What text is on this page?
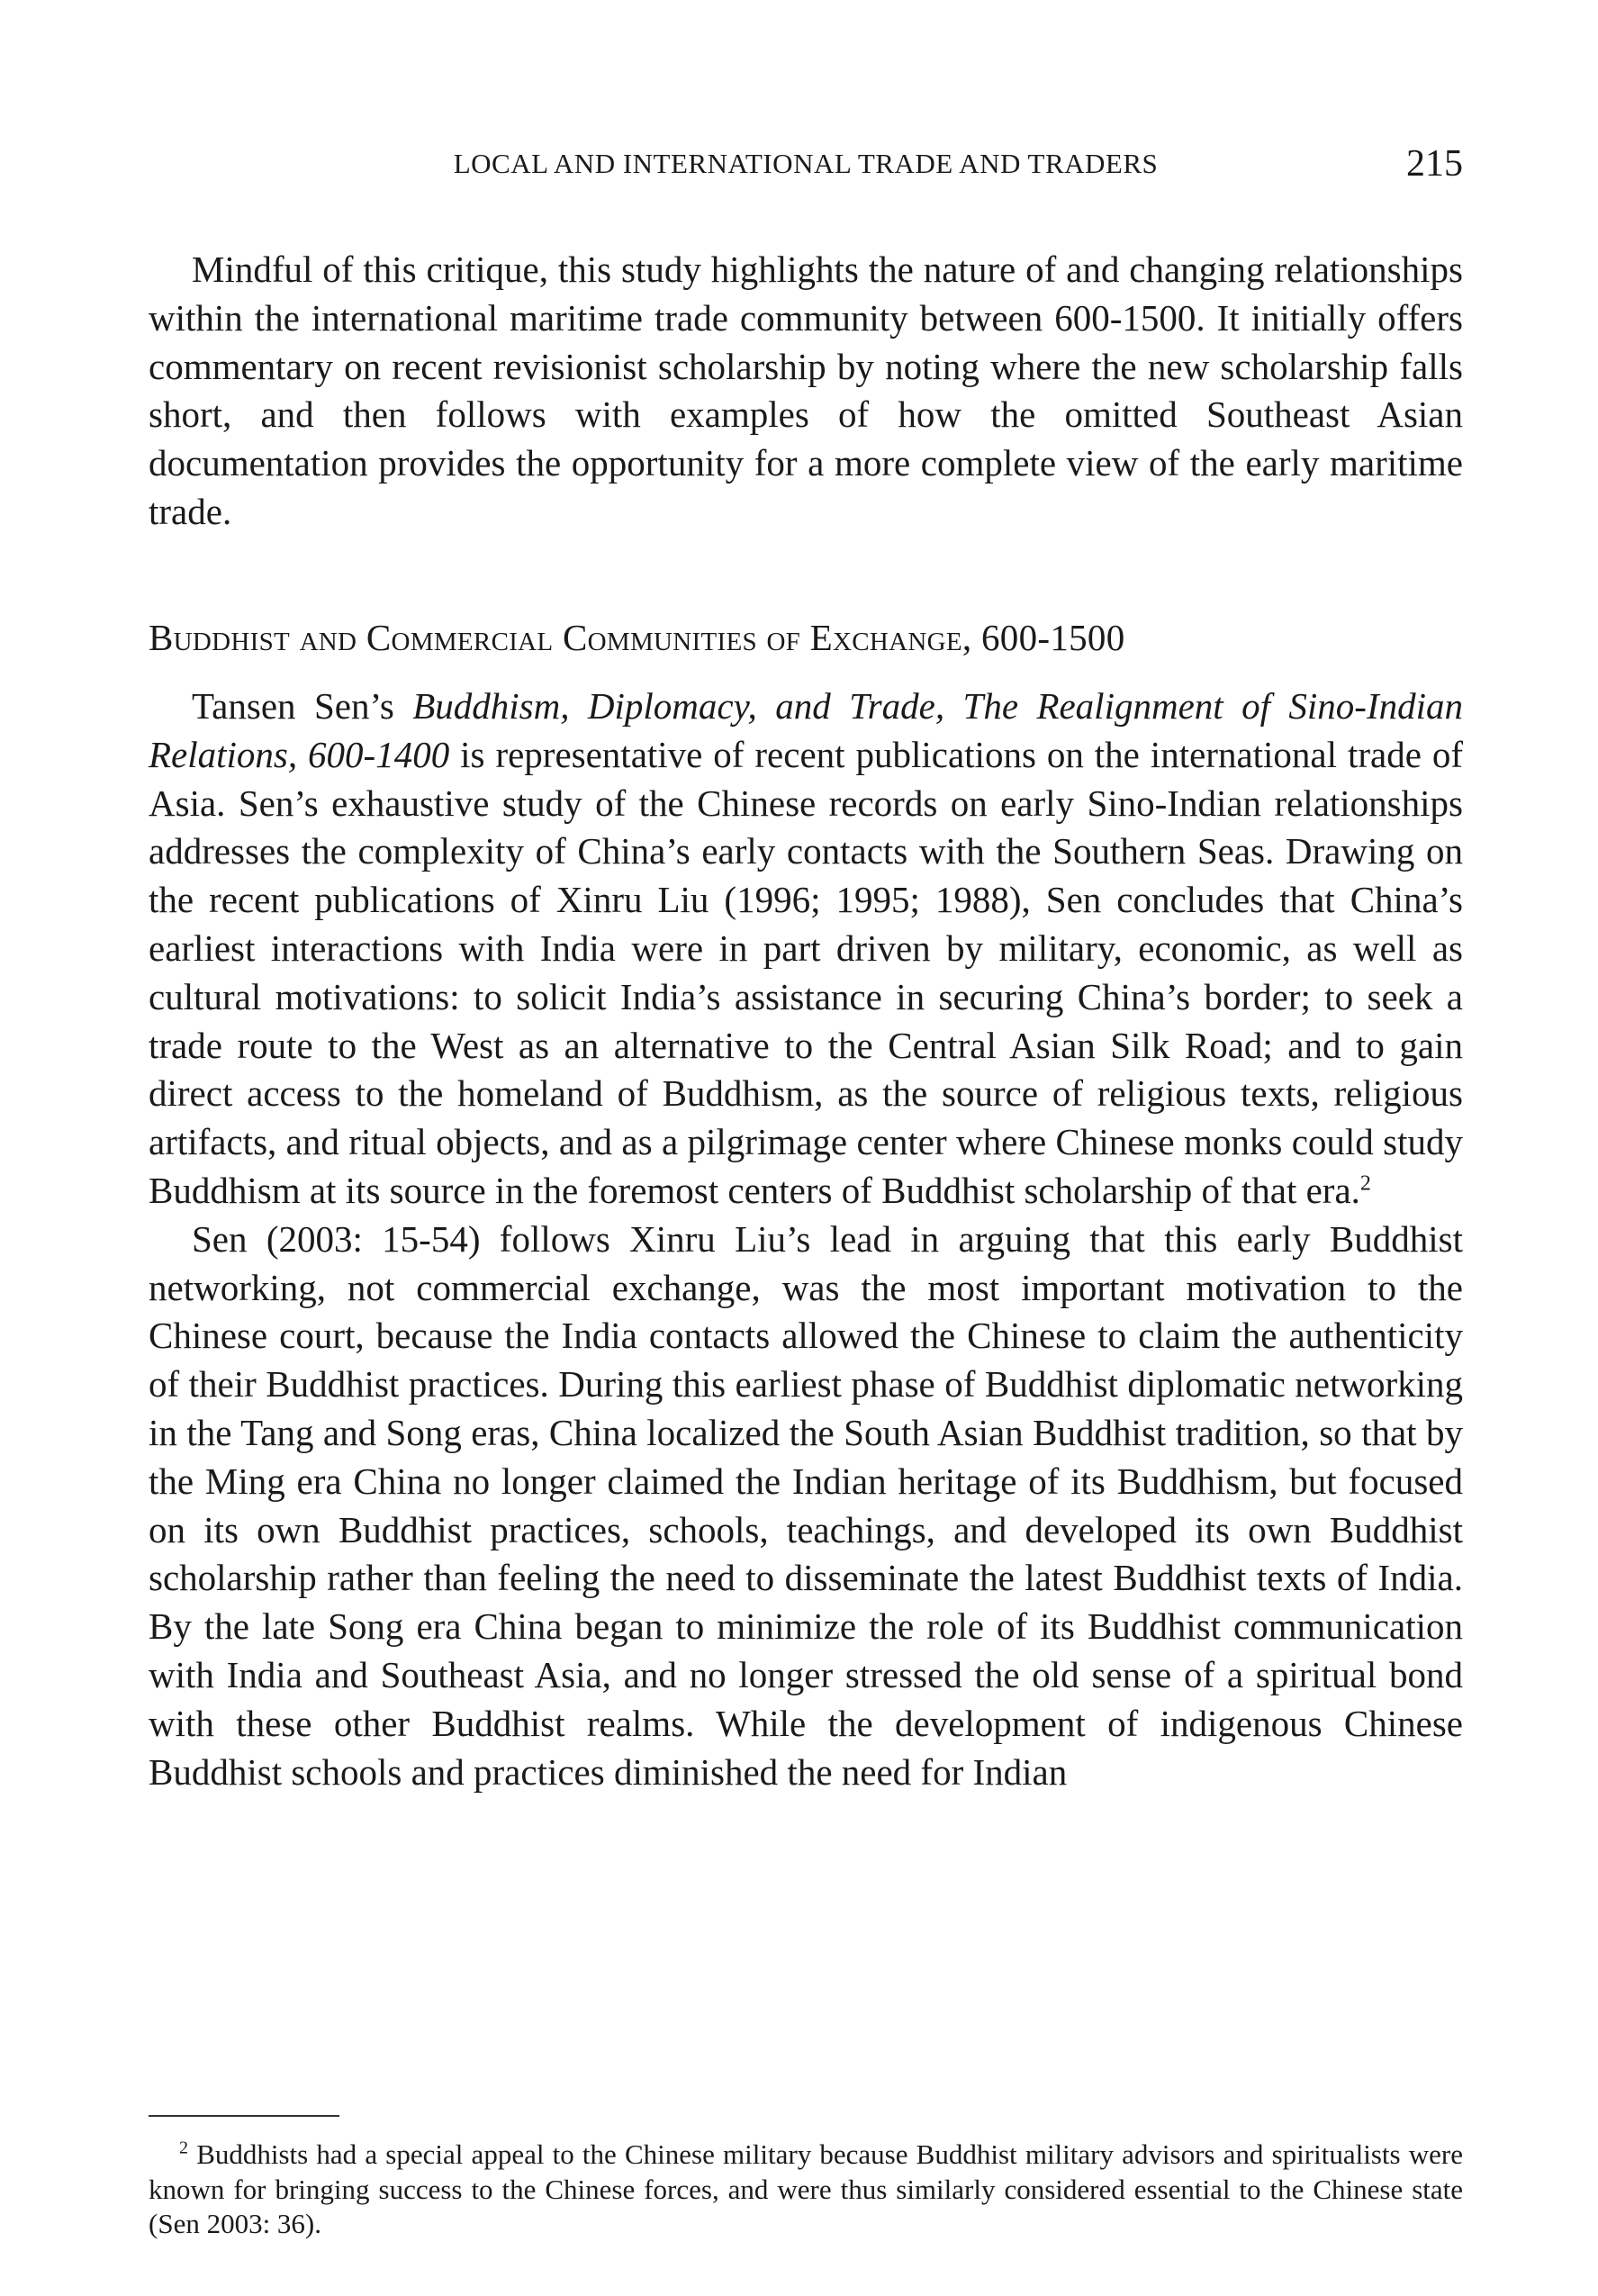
LOCAL AND INTERNATIONAL TRADE AND TRADERS	215

Mindful of this critique, this study highlights the nature of and changing relationships within the international maritime trade community between 600-1500. It initially offers commentary on recent revisionist scholarship by noting where the new scholarship falls short, and then follows with examples of how the omitted Southeast Asian documentation provides the opportunity for a more complete view of the early maritime trade.

Buddhist and Commercial Communities of Exchange, 600-1500

Tansen Sen’s Buddhism, Diplomacy, and Trade, The Realignment of Sino-Indian Relations, 600-1400 is representative of recent publications on the international trade of Asia. Sen’s exhaustive study of the Chinese records on early Sino-Indian relationships addresses the complexity of China’s early contacts with the Southern Seas. Drawing on the recent publications of Xinru Liu (1996; 1995; 1988), Sen concludes that China’s earliest interactions with India were in part driven by military, economic, as well as cultural motivations: to solicit India’s assistance in securing China’s border; to seek a trade route to the West as an alternative to the Central Asian Silk Road; and to gain direct access to the homeland of Buddhism, as the source of religious texts, religious artifacts, and ritual objects, and as a pilgrimage center where Chinese monks could study Buddhism at its source in the foremost centers of Buddhist scholarship of that era.$^2$

Sen (2003: 15-54) follows Xinru Liu’s lead in arguing that this early Buddhist networking, not commercial exchange, was the most important motivation to the Chinese court, because the India contacts allowed the Chinese to claim the authenticity of their Buddhist practices. During this earliest phase of Buddhist diplomatic networking in the Tang and Song eras, China localized the South Asian Buddhist tradition, so that by the Ming era China no longer claimed the Indian heritage of its Buddhism, but focused on its own Buddhist practices, schools, teachings, and developed its own Buddhist scholarship rather than feeling the need to disseminate the latest Buddhist texts of India. By the late Song era China began to minimize the role of its Buddhist communication with India and Southeast Asia, and no longer stressed the old sense of a spiritual bond with these other Buddhist realms. While the development of indigenous Chinese Buddhist schools and practices diminished the need for Indian

$^2$ Buddhists had a special appeal to the Chinese military because Buddhist military advisors and spiritualists were known for bringing success to the Chinese forces, and were thus similarly considered essential to the Chinese state (Sen 2003: 36).
